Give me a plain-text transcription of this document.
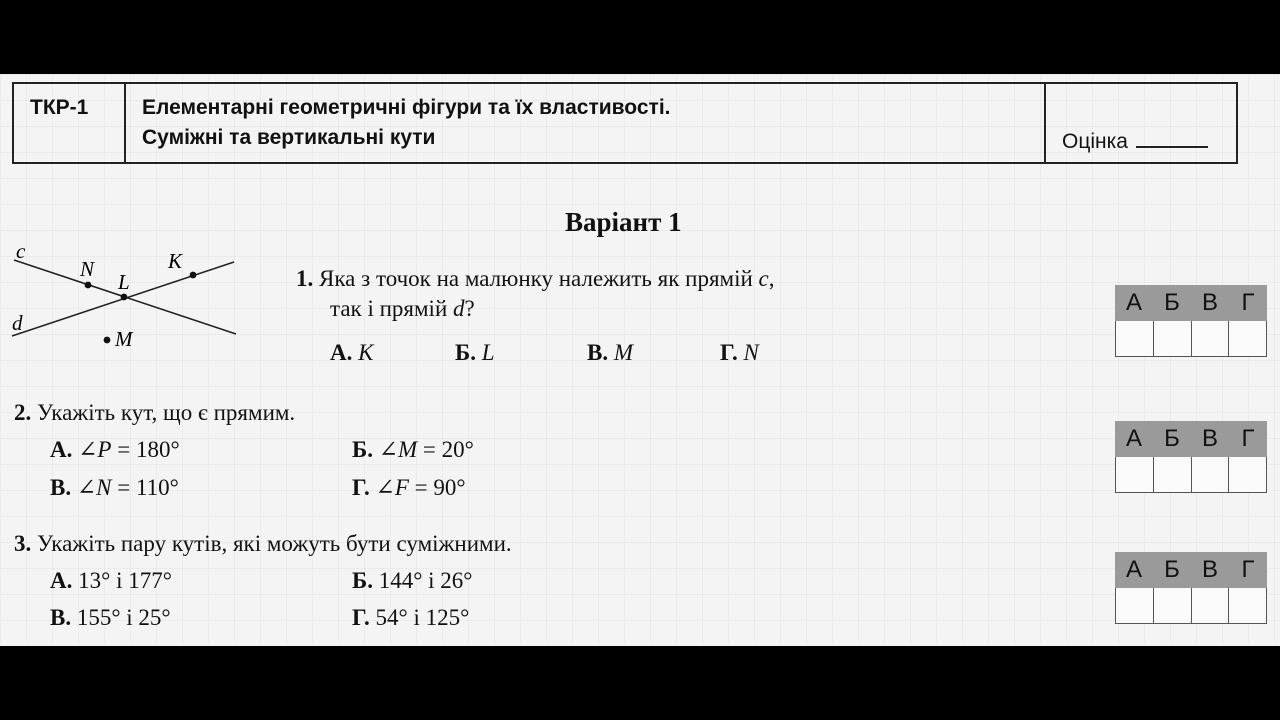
ТКР-1	Елементарні геометричні фігури та їх властивості.
Суміжні та вертикальні кути	Оцінка
Варіант 1
c
d
N
L
K
M
1. Яка з точок на малюнку належить як прямій c,
так і прямій d?
А. K	Б. L	В. M	Г. N
А Б В Г
2. Укажіть кут, що є прямим.
А. ∠P = 180°	Б. ∠M = 20°
В. ∠N = 110°	Г. ∠F = 90°
А Б В Г
3. Укажіть пару кутів, які можуть бути суміжними.
А. 13° і 177°	Б. 144° і 26°
В. 155° і 25°	Г. 54° і 125°
А Б В Г
